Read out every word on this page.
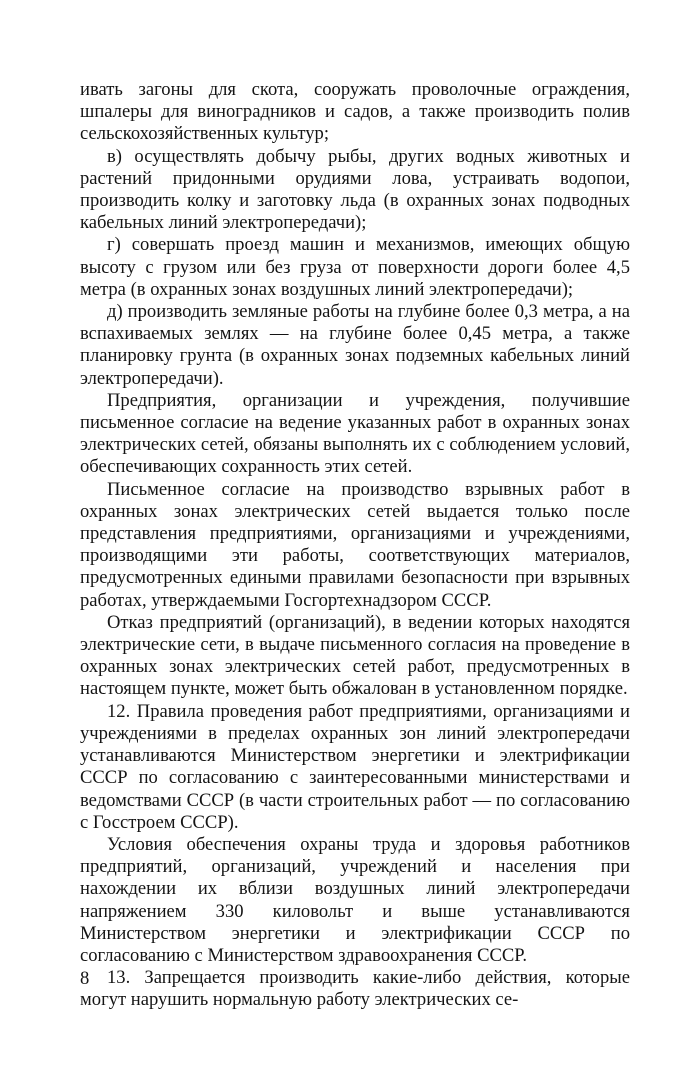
ивать загоны для скота, сооружать проволочные ограждения, шпалеры для виноградников и садов, а также производить полив сельскохозяйственных культур;

в) осуществлять добычу рыбы, других водных животных и растений придонными орудиями лова, устраивать водопои, производить колку и заготовку льда (в охранных зонах подводных кабельных линий электропередачи);

г) совершать проезд машин и механизмов, имеющих общую высоту с грузом или без груза от поверхности дороги более 4,5 метра (в охранных зонах воздушных линий электропередачи);

д) производить земляные работы на глубине более 0,3 метра, а на вспахиваемых землях — на глубине более 0,45 метра, а также планировку грунта (в охранных зонах подземных кабельных линий электропередачи).

Предприятия, организации и учреждения, получившие письменное согласие на ведение указанных работ в охранных зонах электрических сетей, обязаны выполнять их с соблюдением условий, обеспечивающих сохранность этих сетей.

Письменное согласие на производство взрывных работ в охранных зонах электрических сетей выдается только после представления предприятиями, организациями и учреждениями, производящими эти работы, соответствующих материалов, предусмотренных едиными правилами безопасности при взрывных работах, утверждаемыми Госгортехнадзором СССР.

Отказ предприятий (организаций), в ведении которых находятся электрические сети, в выдаче письменного согласия на проведение в охранных зонах электрических сетей работ, предусмотренных в настоящем пункте, может быть обжалован в установленном порядке.

12. Правила проведения работ предприятиями, организациями и учреждениями в пределах охранных зон линий электропередачи устанавливаются Министерством энергетики и электрификации СССР по согласованию с заинтересованными министерствами и ведомствами СССР (в части строительных работ — по согласованию с Госстроем СССР).

Условия обеспечения охраны труда и здоровья работников предприятий, организаций, учреждений и населения при нахождении их вблизи воздушных линий электропередачи напряжением 330 киловольт и выше устанавливаются Министерством энергетики и электрификации СССР по согласованию с Министерством здравоохранения СССР.

13. Запрещается производить какие-либо действия, которые могут нарушить нормальную работу электрических се-

8
